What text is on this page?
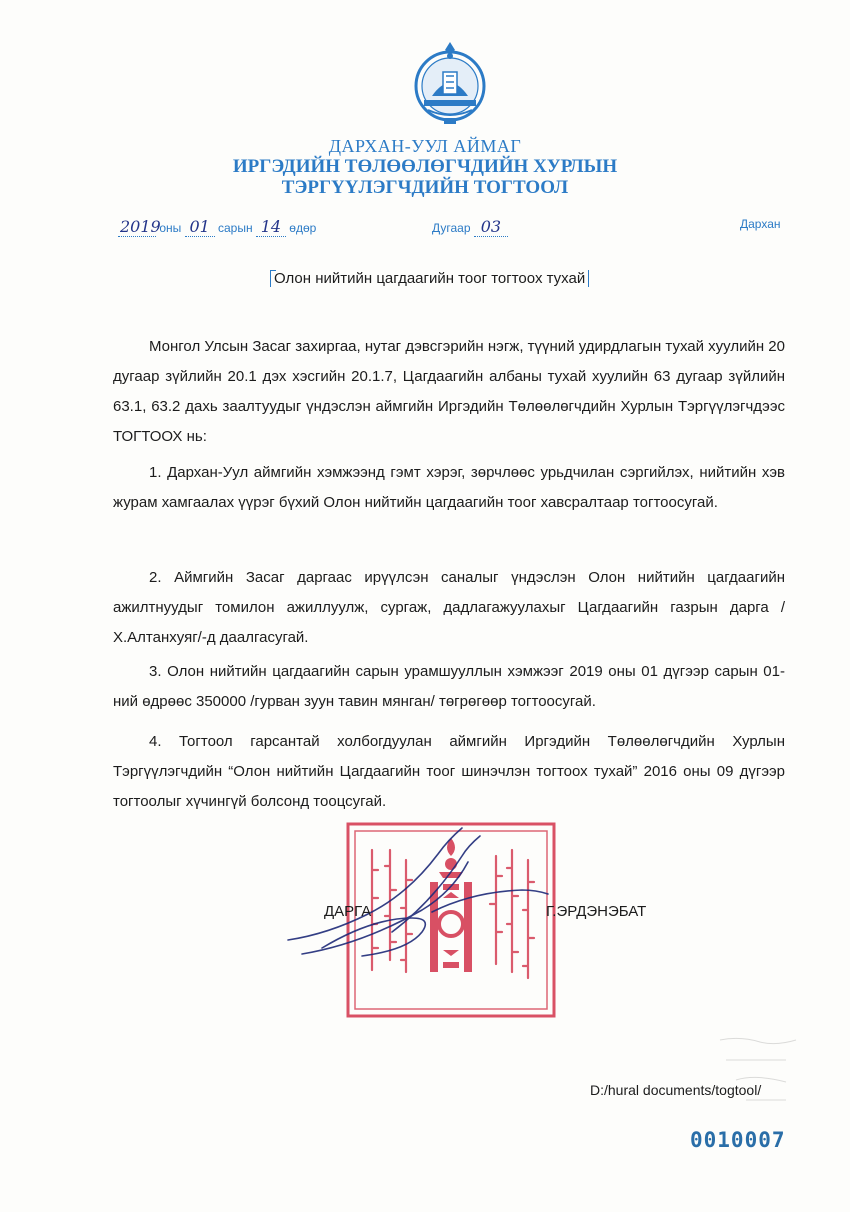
ДАРХАН-УУЛ АЙМАГ
ИРГЭДИЙН ТӨЛӨӨЛӨГЧДИЙН ХУРЛЫН
ТЭРГҮҮЛЭГЧДИЙН ТОГТООЛ
2019 оны 01 сарын 14 өдөр	Дугаар 03	Дархан
Олон нийтийн цагдаагийн тоог тогтоох тухай

Монгол Улсын Засаг захиргаа, нутаг дэвсгэрийн нэгж, түүний удирдлагын тухай хуулийн 20 дугаар зүйлийн 20.1 дэх хэсгийн 20.1.7, Цагдаагийн албаны тухай хуулийн 63 дугаар зүйлийн 63.1, 63.2 дахь заалтуудыг үндэслэн аймгийн Иргэдийн Төлөөлөгчдийн Хурлын Тэргүүлэгчдээс ТОГТООХ нь:

1. Дархан-Уул аймгийн хэмжээнд гэмт хэрэг, зөрчлөөс урьдчилан сэргийлэх, нийтийн хэв журам хамгаалах үүрэг бүхий Олон нийтийн цагдаагийн тоог хавсралтаар тогтоосугай.

2. Аймгийн Засаг даргаас ирүүлсэн саналыг үндэслэн Олон нийтийн цагдаагийн ажилтнуудыг томилон ажиллуулж, сургаж, дадлагажуулахыг Цагдаагийн газрын дарга /Х.Алтанхуяг/-д даалгасугай.

3. Олон нийтийн цагдаагийн сарын урамшууллын хэмжээг 2019 оны 01 дүгээр сарын 01-ний өдрөөс 350000 /гурван зуун тавин мянган/ төгрөгөөр тогтоосугай.

4. Тогтоол гарсантай холбогдуулан аймгийн Иргэдийн Төлөөлөгчдийн Хурлын Тэргүүлэгчдийн “Олон нийтийн Цагдаагийн тоог шинэчлэн тогтоох тухай” 2016 оны 09 дүгээр тогтоолыг хүчингүй болсонд тооцсугай.

ДАРГА	Г.ЭРДЭНЭБАТ
D:/hural documents/togtool/
0010007
